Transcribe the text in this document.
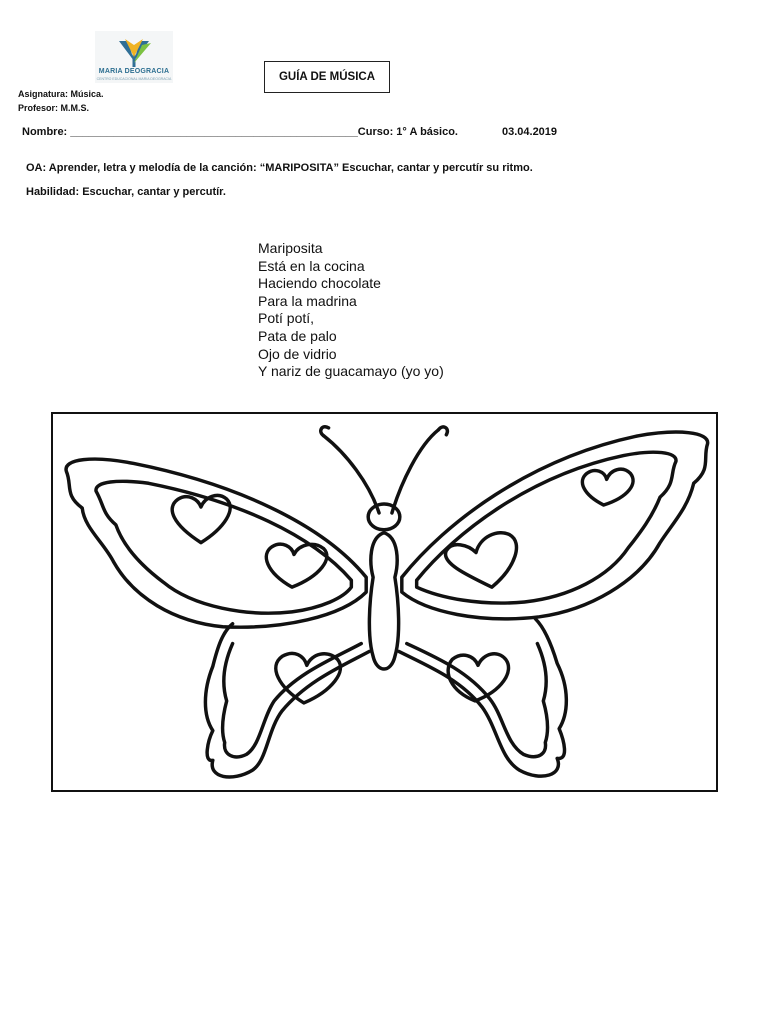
MARIA DEOGRACIA
CENTRO EDUCACIONAL MARIA DEOGRACIA	GUÍA DE MÚSICA
Asignatura: Música.
Profesor: M.M.S.
Nombre: _______________________________________________Curso: 1° A básico.	03.04.2019
OA: Aprender, letra y melodía de la canción: “MARIPOSITA” Escuchar, cantar y percutír su ritmo.
Habilidad: Escuchar, cantar y percutír.
Mariposita
Está en la cocina
Haciendo chocolate
Para la madrina
Potí potí,
Pata de palo
Ojo de vidrio
Y nariz de guacamayo (yo yo)
